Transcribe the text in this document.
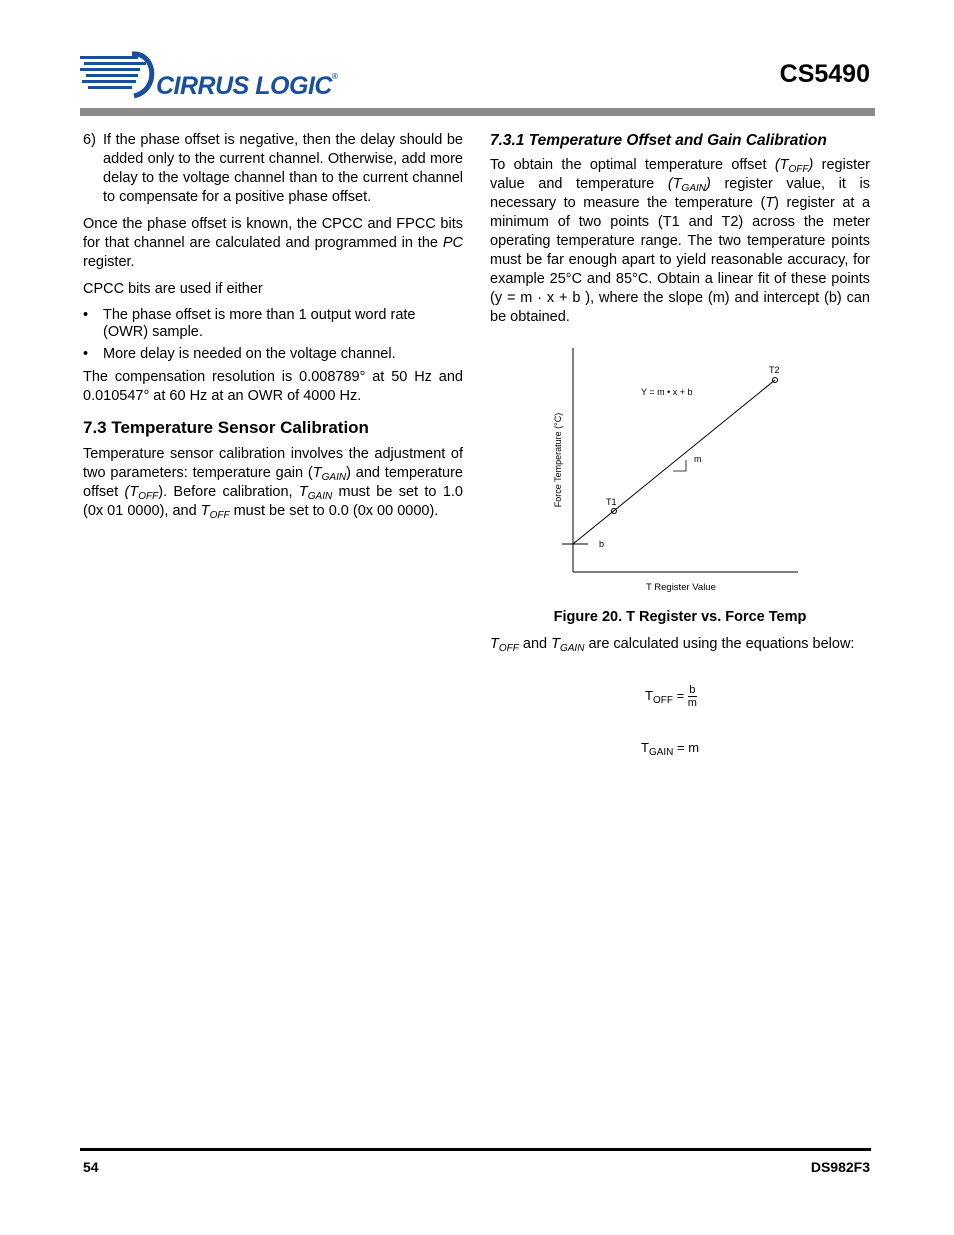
CIRRUS LOGIC®	CS5490
6) If the phase offset is negative, then the delay should be added only to the current channel. Otherwise, add more delay to the voltage channel than to the current channel to compensate for a positive phase offset.

Once the phase offset is known, the CPCC and FPCC bits for that channel are calculated and programmed in the PC register.

CPCC bits are used if either

•	The phase offset is more than 1 output word rate (OWR) sample.
•	More delay is needed on the voltage channel.

The compensation resolution is 0.008789° at 50 Hz and 0.010547° at 60 Hz at an OWR of 4000 Hz.

7.3 Temperature Sensor Calibration

Temperature sensor calibration involves the adjustment of two parameters: temperature gain $(T_{GAIN})$ and temperature offset $(T_{OFF})$. Before calibration, $T_{GAIN}$ must be set to 1.0 (0x 01 0000), and $T_{OFF}$ must be set to 0.0 (0x 00 0000).

7.3.1 Temperature Offset and Gain Calibration

To obtain the optimal temperature offset $(T_{OFF})$ register value and temperature $(T_{GAIN})$ register value, it is necessary to measure the temperature (T) register at a minimum of two points (T1 and T2) across the meter operating temperature range. The two temperature points must be far enough apart to yield reasonable accuracy, for example 25°C and 85°C. Obtain a linear fit of these points (y = m · x + b ), where the slope (m) and intercept (b) can be obtained.

T1
T2
Y = m • x + b
m
b
T Register Value
Force Temperature (°C)
Figure 20. T Register vs. Force Temp
$T_{OFF}$ and $T_{GAIN}$ are calculated using the equations below:
$T_{OFF} = \frac{b}{m}$
$T_{GAIN} = m$
54	DS982F3
